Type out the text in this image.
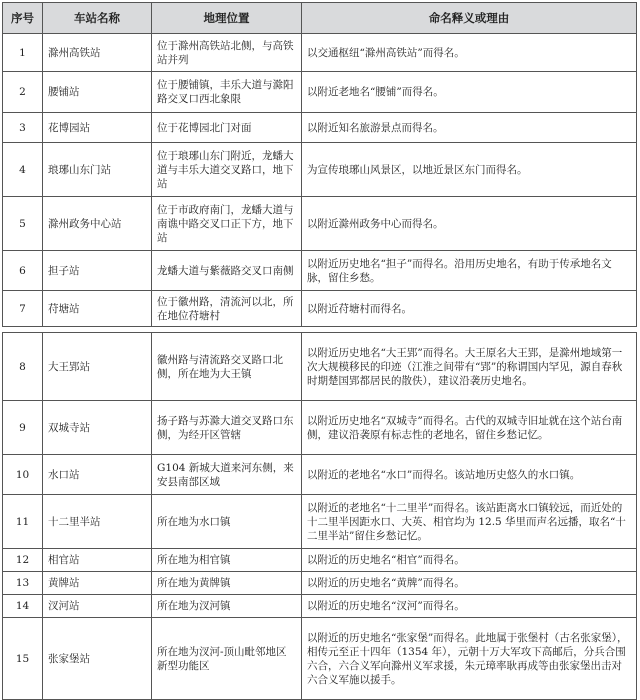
序号	车站名称	地理位置	命名释义或理由
1	滁州高铁站	位于滁州高铁站北侧，与高铁站并列	以交通枢纽“滁州高铁站”而得名。
2	腰铺站	位于腰铺镇，丰乐大道与滁阳路交叉口西北象限	以附近老地名“腰铺”而得名。
3	花博园站	位于花博园北门对面	以附近知名旅游景点而得名。
4	琅琊山东门站	位于琅琊山东门附近，龙蟠大道与丰乐大道交叉路口，地下站	为宣传琅琊山风景区，以地近景区东门而得名。
5	滁州政务中心站	位于市政府南门，龙蟠大道与南谯中路交叉口正下方，地下站	以附近滁州政务中心而得名。
6	担子站	龙蟠大道与紫薇路交叉口南侧	以附近历史地名“担子”而得名。沿用历史地名，有助于传承地名文脉，留住乡愁。
7	苻塘站	位于徽州路，清流河以北，所在地位苻塘村	以附近苻塘村而得名。

8	大王郢站	徽州路与清流路交叉路口北侧，所在地为大王镇	以附近历史地名“大王郢”而得名。大王原名大王郢，是滁州地域第一次大规模移民的印迹（江淮之间带有“郢”的称谓国内罕见，源自春秋时期楚国郢都居民的散佚），建议沿袭历史地名。
9	双城寺站	扬子路与苏滁大道交叉路口东侧，为经开区管辖	以附近历史地名“双城寺”而得名。古代的双城寺旧址就在这个站台南侧，建议沿袭原有标志性的老地名，留住乡愁记忆。
10	水口站	G104 新城大道来河东侧，来安县南部区域	以附近的老地名“水口”而得名。该站地历史悠久的水口镇。
11	十二里半站	所在地为水口镇	以附近的老地名“十二里半”而得名。该站距离水口镇较远，而近处的十二里半因距水口、大英、相官均为 12.5 华里而声名远播，取名“十二里半站”留住乡愁记忆。
12	相官站	所在地为相官镇	以附近的历史地名“相官”而得名。
13	黄牌站	所在地为黄牌镇	以附近的历史地名“黄牌”而得名。
14	汊河站	所在地为汊河镇	以附近的历史地名“汊河”而得名。
15	张家堡站	所在地为汊河-顶山毗邻地区新型功能区	以附近的历史地名“张家堡”而得名。此地属于张堡村（古名张家堡），相传元至正十四年（1354 年），元朝十万大军攻下高邮后，分兵合围六合，六合义军向滁州义军求援，朱元璋率耿再成等由张家堡出击对六合义军施以援手。
